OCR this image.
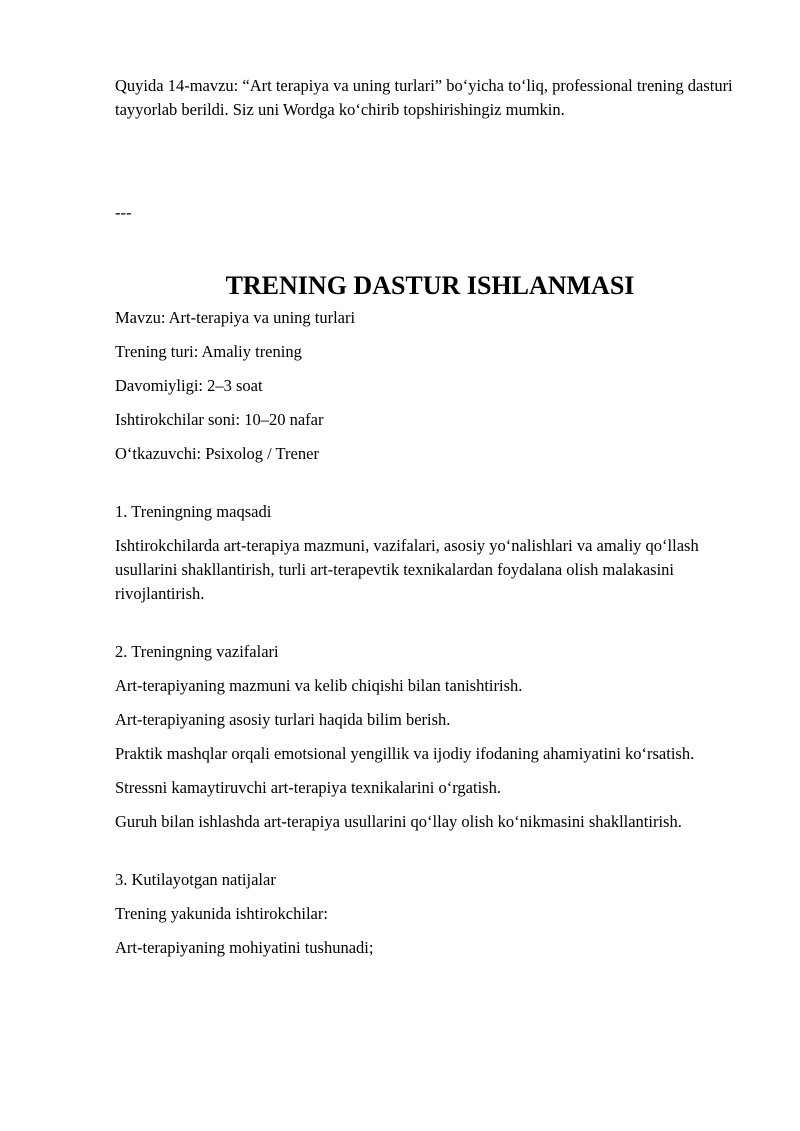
Quyida 14-mavzu: “Art terapiya va uning turlari” bo‘yicha to‘liq, professional trening dasturi tayyorlab berildi. Siz uni Wordga ko‘chirib topshirishingiz mumkin.

---

TRENING DASTUR ISHLANMASI

Mavzu: Art-terapiya va uning turlari

Trening turi: Amaliy trening

Davomiyligi: 2–3 soat

Ishtirokchilar soni: 10–20 nafar

O‘tkazuvchi: Psixolog / Trener

1. Treningning maqsadi

Ishtirokchilarda art-terapiya mazmuni, vazifalari, asosiy yo‘nalishlari va amaliy qo‘llash usullarini shakllantirish, turli art-terapevtik texnikalardan foydalana olish malakasini rivojlantirish.

2. Treningning vazifalari

Art-terapiyaning mazmuni va kelib chiqishi bilan tanishtirish.

Art-terapiyaning asosiy turlari haqida bilim berish.

Praktik mashqlar orqali emotsional yengillik va ijodiy ifodaning ahamiyatini ko‘rsatish.

Stressni kamaytiruvchi art-terapiya texnikalarini o‘rgatish.

Guruh bilan ishlashda art-terapiya usullarini qo‘llay olish ko‘nikmasini shakllantirish.

3. Kutilayotgan natijalar

Trening yakunida ishtirokchilar:

Art-terapiyaning mohiyatini tushunadi;
